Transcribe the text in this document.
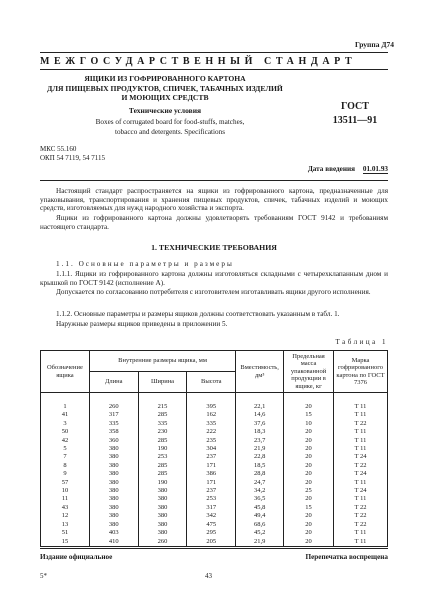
Группа Д74
МЕЖГОСУДАРСТВЕННЫЙ СТАНДАРТ
ЯЩИКИ ИЗ ГОФРИРОВАННОГО КАРТОНА
ДЛЯ ПИЩЕВЫХ ПРОДУКТОВ, СПИЧЕК, ТАБАЧНЫХ ИЗДЕЛИЙ
И МОЮЩИХ СРЕДСТВ
Технические условия
Boxes of corrugated board for food-stuffs, matches,
tobacco and detergents. Specifications
ГОСТ
13511—91
МКС 55.160
ОКП 54 7119, 54 7115
Дата введения 01.01.93
Настоящий стандарт распространяется на ящики из гофрированного картона, предназначенные для упаковывания, транспортирования и хранения пищевых продуктов, спичек, табачных изделий и моющих средств, изготовляемых для нужд народного хозяйства и экспорта.
Ящики из гофрированного картона должны удовлетворять требованиям ГОСТ 9142 и требованиям настоящего стандарта.
1. ТЕХНИЧЕСКИЕ ТРЕБОВАНИЯ
1.1. Основные параметры и размеры
1.1.1. Ящики из гофрированного картона должны изготовляться складными с четырехклапанным дном и крышкой по ГОСТ 9142 (исполнение А).
Допускается по согласованию потребителя с изготовителем изготавливать ящики другого исполнения.
1.1.2. Основные параметры и размеры ящиков должны соответствовать указанным в табл. 1.
Наружные размеры ящиков приведены в приложении 5.
Таблица 1
Обозначение ящика	Внутренние размеры ящика, мм			Вместимость, дм³	Предельная масса упакованной продукции в ящике, кг	Марка гофрированного картона по ГОСТ 7376
	Длина	Ширина	Высота			
1	260	215	395	22,1	20	Т 11
41	317	285	162	14,6	15	Т 11
3	335	335	335	37,6	10	Т 22
50	358	230	222	18,3	20	Т 11
42	360	285	235	23,7	20	Т 11
5	380	190	304	21,9	20	Т 11
7	380	253	237	22,8	20	Т 24
8	380	285	171	18,5	20	Т 22
9	380	285	386	28,8	20	Т 24
57	380	190	171	24,7	20	Т 11
10	380	380	237	34,2	25	Т 24
11	380	380	253	36,5	20	Т 11
43	380	380	317	45,8	15	Т 22
12	380	380	342	49,4	20	Т 22
13	380	380	475	68,6	20	Т 22
51	403	380	295	45,2	20	Т 11
15	410	260	205	21,9	20	Т 11
Издание официальное	Перепечатка воспрещена
5*	43
